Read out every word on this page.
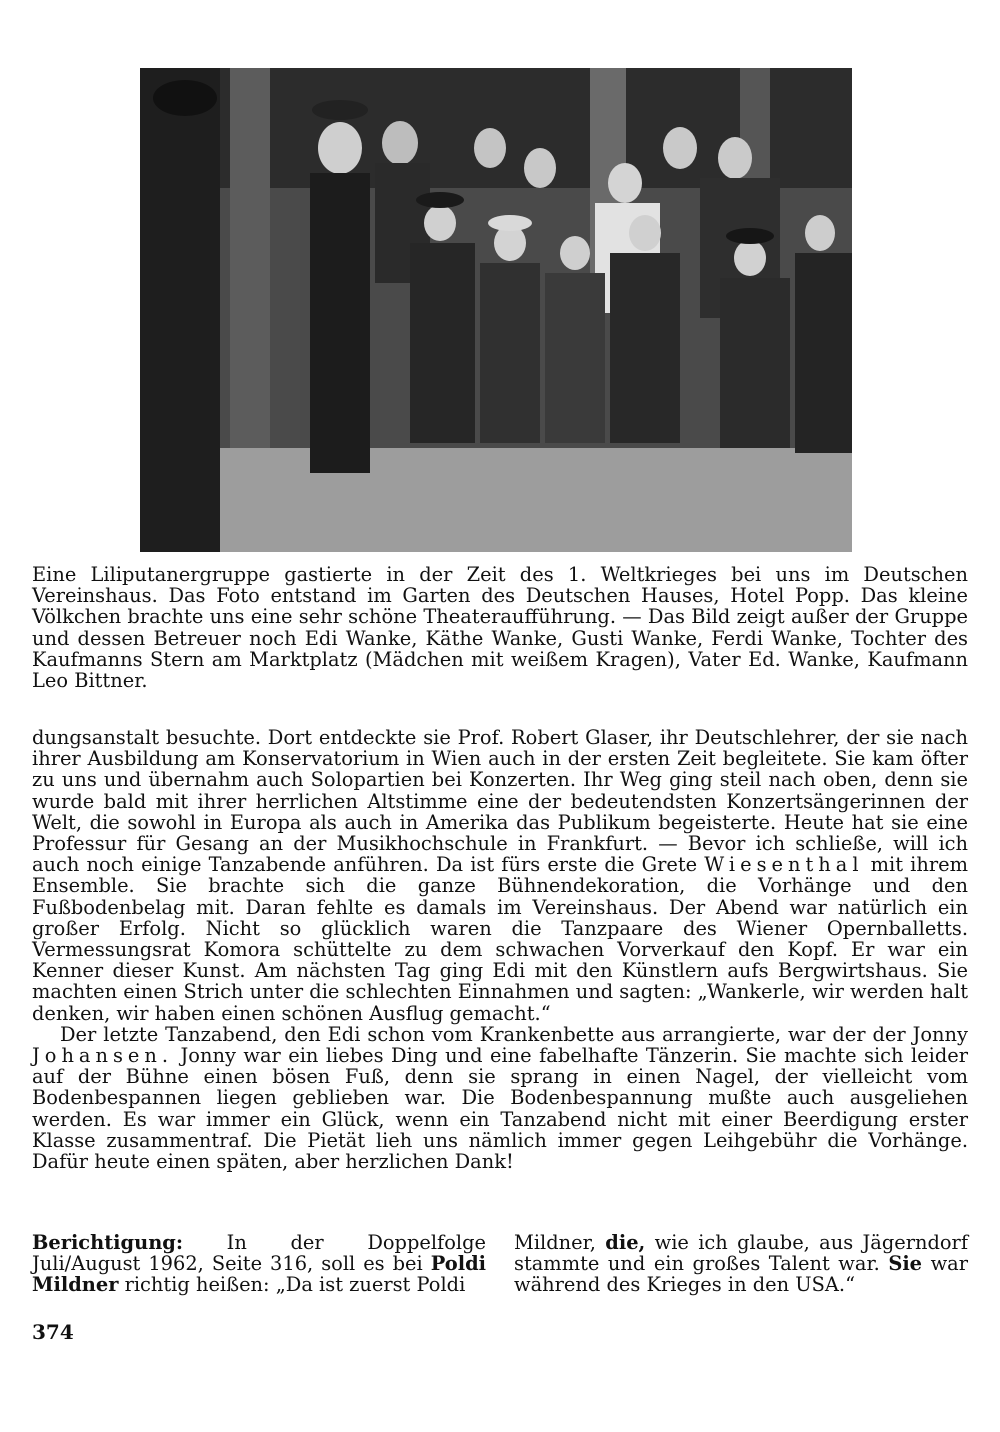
Eine Liliputanergruppe gastierte in der Zeit des 1. Weltkrieges bei uns im Deutschen Vereinshaus. Das Foto entstand im Garten des Deutschen Hauses, Hotel Popp. Das kleine Völkchen brachte uns eine sehr schöne Theateraufführung. — Das Bild zeigt außer der Gruppe und dessen Betreuer noch Edi Wanke, Käthe Wanke, Gusti Wanke, Ferdi Wanke, Tochter des Kaufmanns Stern am Marktplatz (Mädchen mit weißem Kragen), Vater Ed. Wanke, Kaufmann Leo Bittner.

dungsanstalt besuchte. Dort entdeckte sie Prof. Robert Glaser, ihr Deutschlehrer, der sie nach ihrer Ausbildung am Konservatorium in Wien auch in der ersten Zeit begleitete. Sie kam öfter zu uns und übernahm auch Solopartien bei Konzerten. Ihr Weg ging steil nach oben, denn sie wurde bald mit ihrer herrlichen Altstimme eine der bedeutendsten Konzertsängerinnen der Welt, die sowohl in Europa als auch in Amerika das Publikum begeisterte. Heute hat sie eine Professur für Gesang an der Musikhochschule in Frankfurt. — Bevor ich schließe, will ich auch noch einige Tanzabende anführen. Da ist fürs erste die Grete Wiesenthal mit ihrem Ensemble. Sie brachte sich die ganze Bühnendekoration, die Vorhänge und den Fußbodenbelag mit. Daran fehlte es damals im Vereinshaus. Der Abend war natürlich ein großer Erfolg. Nicht so glücklich waren die Tanzpaare des Wiener Opernballetts. Vermessungsrat Komora schüttelte zu dem schwachen Vorverkauf den Kopf. Er war ein Kenner dieser Kunst. Am nächsten Tag ging Edi mit den Künstlern aufs Bergwirtshaus. Sie machten einen Strich unter die schlechten Einnahmen und sagten: „Wankerle, wir werden halt denken, wir haben einen schönen Ausflug gemacht.“

Der letzte Tanzabend, den Edi schon vom Krankenbette aus arrangierte, war der der Jonny Johansen. Jonny war ein liebes Ding und eine fabelhafte Tänzerin. Sie machte sich leider auf der Bühne einen bösen Fuß, denn sie sprang in einen Nagel, der vielleicht vom Bodenbespannen liegen geblieben war. Die Bodenbespannung mußte auch ausgeliehen werden. Es war immer ein Glück, wenn ein Tanzabend nicht mit einer Beerdigung erster Klasse zusammentraf. Die Pietät lieh uns nämlich immer gegen Leihgebühr die Vorhänge. Dafür heute einen späten, aber herzlichen Dank!

Berichtigung: In der Doppelfolge Juli/August 1962, Seite 316, soll es bei Poldi Mildner richtig heißen: „Da ist zuerst Poldi

Mildner, die, wie ich glaube, aus Jägerndorf stammte und ein großes Talent war. Sie war während des Krieges in den USA.“

374
